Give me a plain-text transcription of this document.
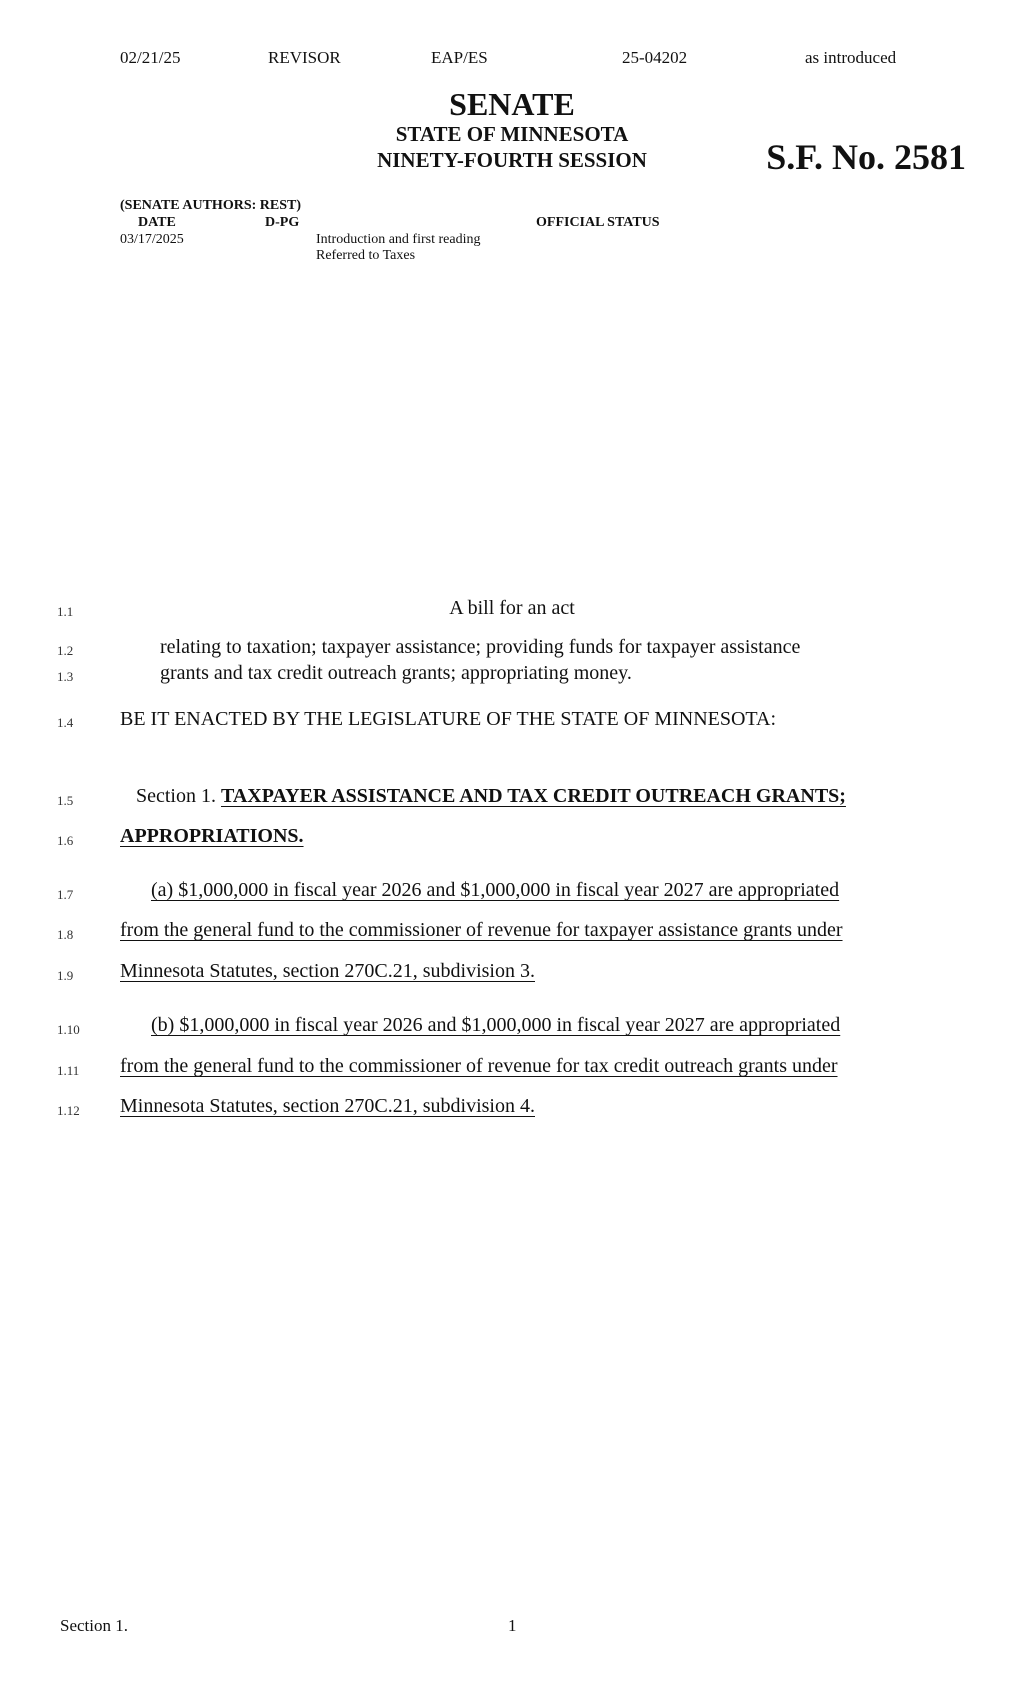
02/21/25	REVISOR	EAP/ES	25-04202	as introduced
SENATE
STATE OF MINNESOTA
NINETY-FOURTH SESSION	S.F. No. 2581
(SENATE AUTHORS: REST)
DATE	D-PG	OFFICIAL STATUS
03/17/2025	Introduction and first reading
Referred to Taxes
1.1	A bill for an act
1.2	relating to taxation; taxpayer assistance; providing funds for taxpayer assistance
1.3	grants and tax credit outreach grants; appropriating money.
1.4 BE IT ENACTED BY THE LEGISLATURE OF THE STATE OF MINNESOTA:
1.5	Section 1. TAXPAYER ASSISTANCE AND TAX CREDIT OUTREACH GRANTS;
1.6 APPROPRIATIONS.
1.7	(a) $1,000,000 in fiscal year 2026 and $1,000,000 in fiscal year 2027 are appropriated
1.8 from the general fund to the commissioner of revenue for taxpayer assistance grants under
1.9 Minnesota Statutes, section 270C.21, subdivision 3.
1.10	(b) $1,000,000 in fiscal year 2026 and $1,000,000 in fiscal year 2027 are appropriated
1.11 from the general fund to the commissioner of revenue for tax credit outreach grants under
1.12 Minnesota Statutes, section 270C.21, subdivision 4.
Section 1.	1
